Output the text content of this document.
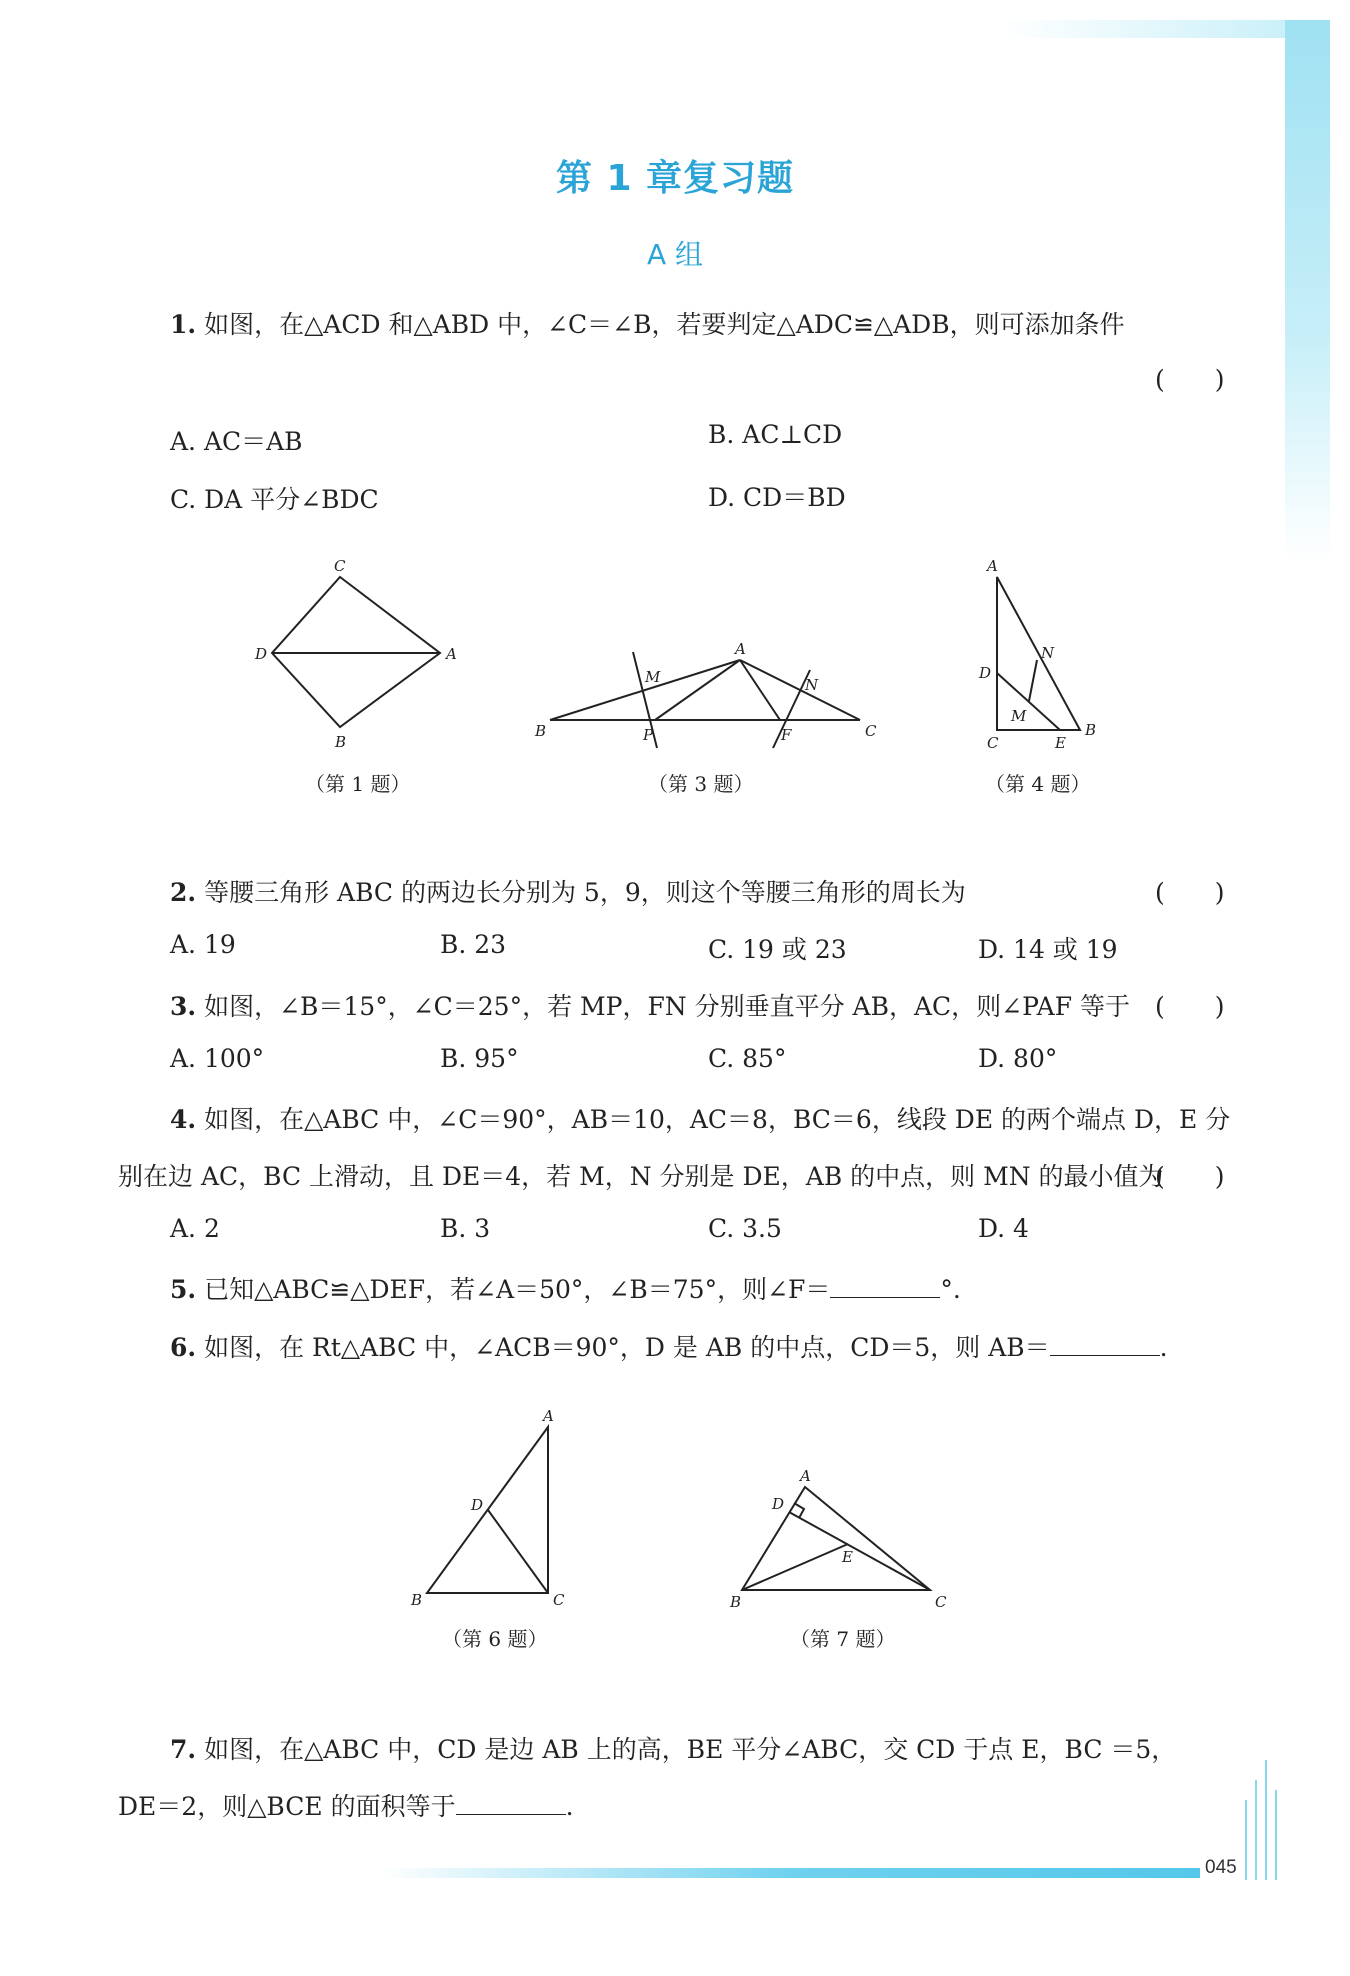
045
第 1 章复习题
A 组
1. 如图，在△ACD 和△ABD 中，∠C＝∠B，若要判定△ADC≌△ADB，则可添加条件
(　　)
A. AC＝AB	B. AC⊥CD
C. DA 平分∠BDC	D. CD＝BD
C
D	A
B
A
M	N
B	P	F	C
A
N
D
M
C	E
B
（第 1 题）	（第 3 题）	（第 4 题）
2. 等腰三角形 ABC 的两边长分别为 5，9，则这个等腰三角形的周长为	(　　)
A. 19	B. 23	C. 19 或 23	D. 14 或 19
3. 如图，∠B＝15°，∠C＝25°，若 MP，FN 分别垂直平分 AB，AC，则∠PAF 等于 (　　)
A. 100°	B. 95°	C. 85°	D. 80°
4. 如图，在△ABC 中，∠C＝90°，AB＝10，AC＝8，BC＝6，线段 DE 的两个端点 D，E 分
别在边 AC，BC 上滑动，且 DE＝4，若 M，N 分别是 DE，AB 的中点，则 MN 的最小值为
(　　)
A. 2	B. 3	C. 3.5	D. 4
5. 已知△ABC≌△DEF，若∠A＝50°，∠B＝75°，则∠F＝	°.
6. 如图，在 Rt△ABC 中，∠ACB＝90°，D 是 AB 的中点，CD＝5，则 AB＝	.
A
D
B	C
A
D
E
B	C
（第 6 题）	（第 7 题）
7. 如图，在△ABC 中，CD 是边 AB 上的高，BE 平分∠ABC，交 CD 于点 E，BC ＝5，
DE＝2，则△BCE 的面积等于	.
